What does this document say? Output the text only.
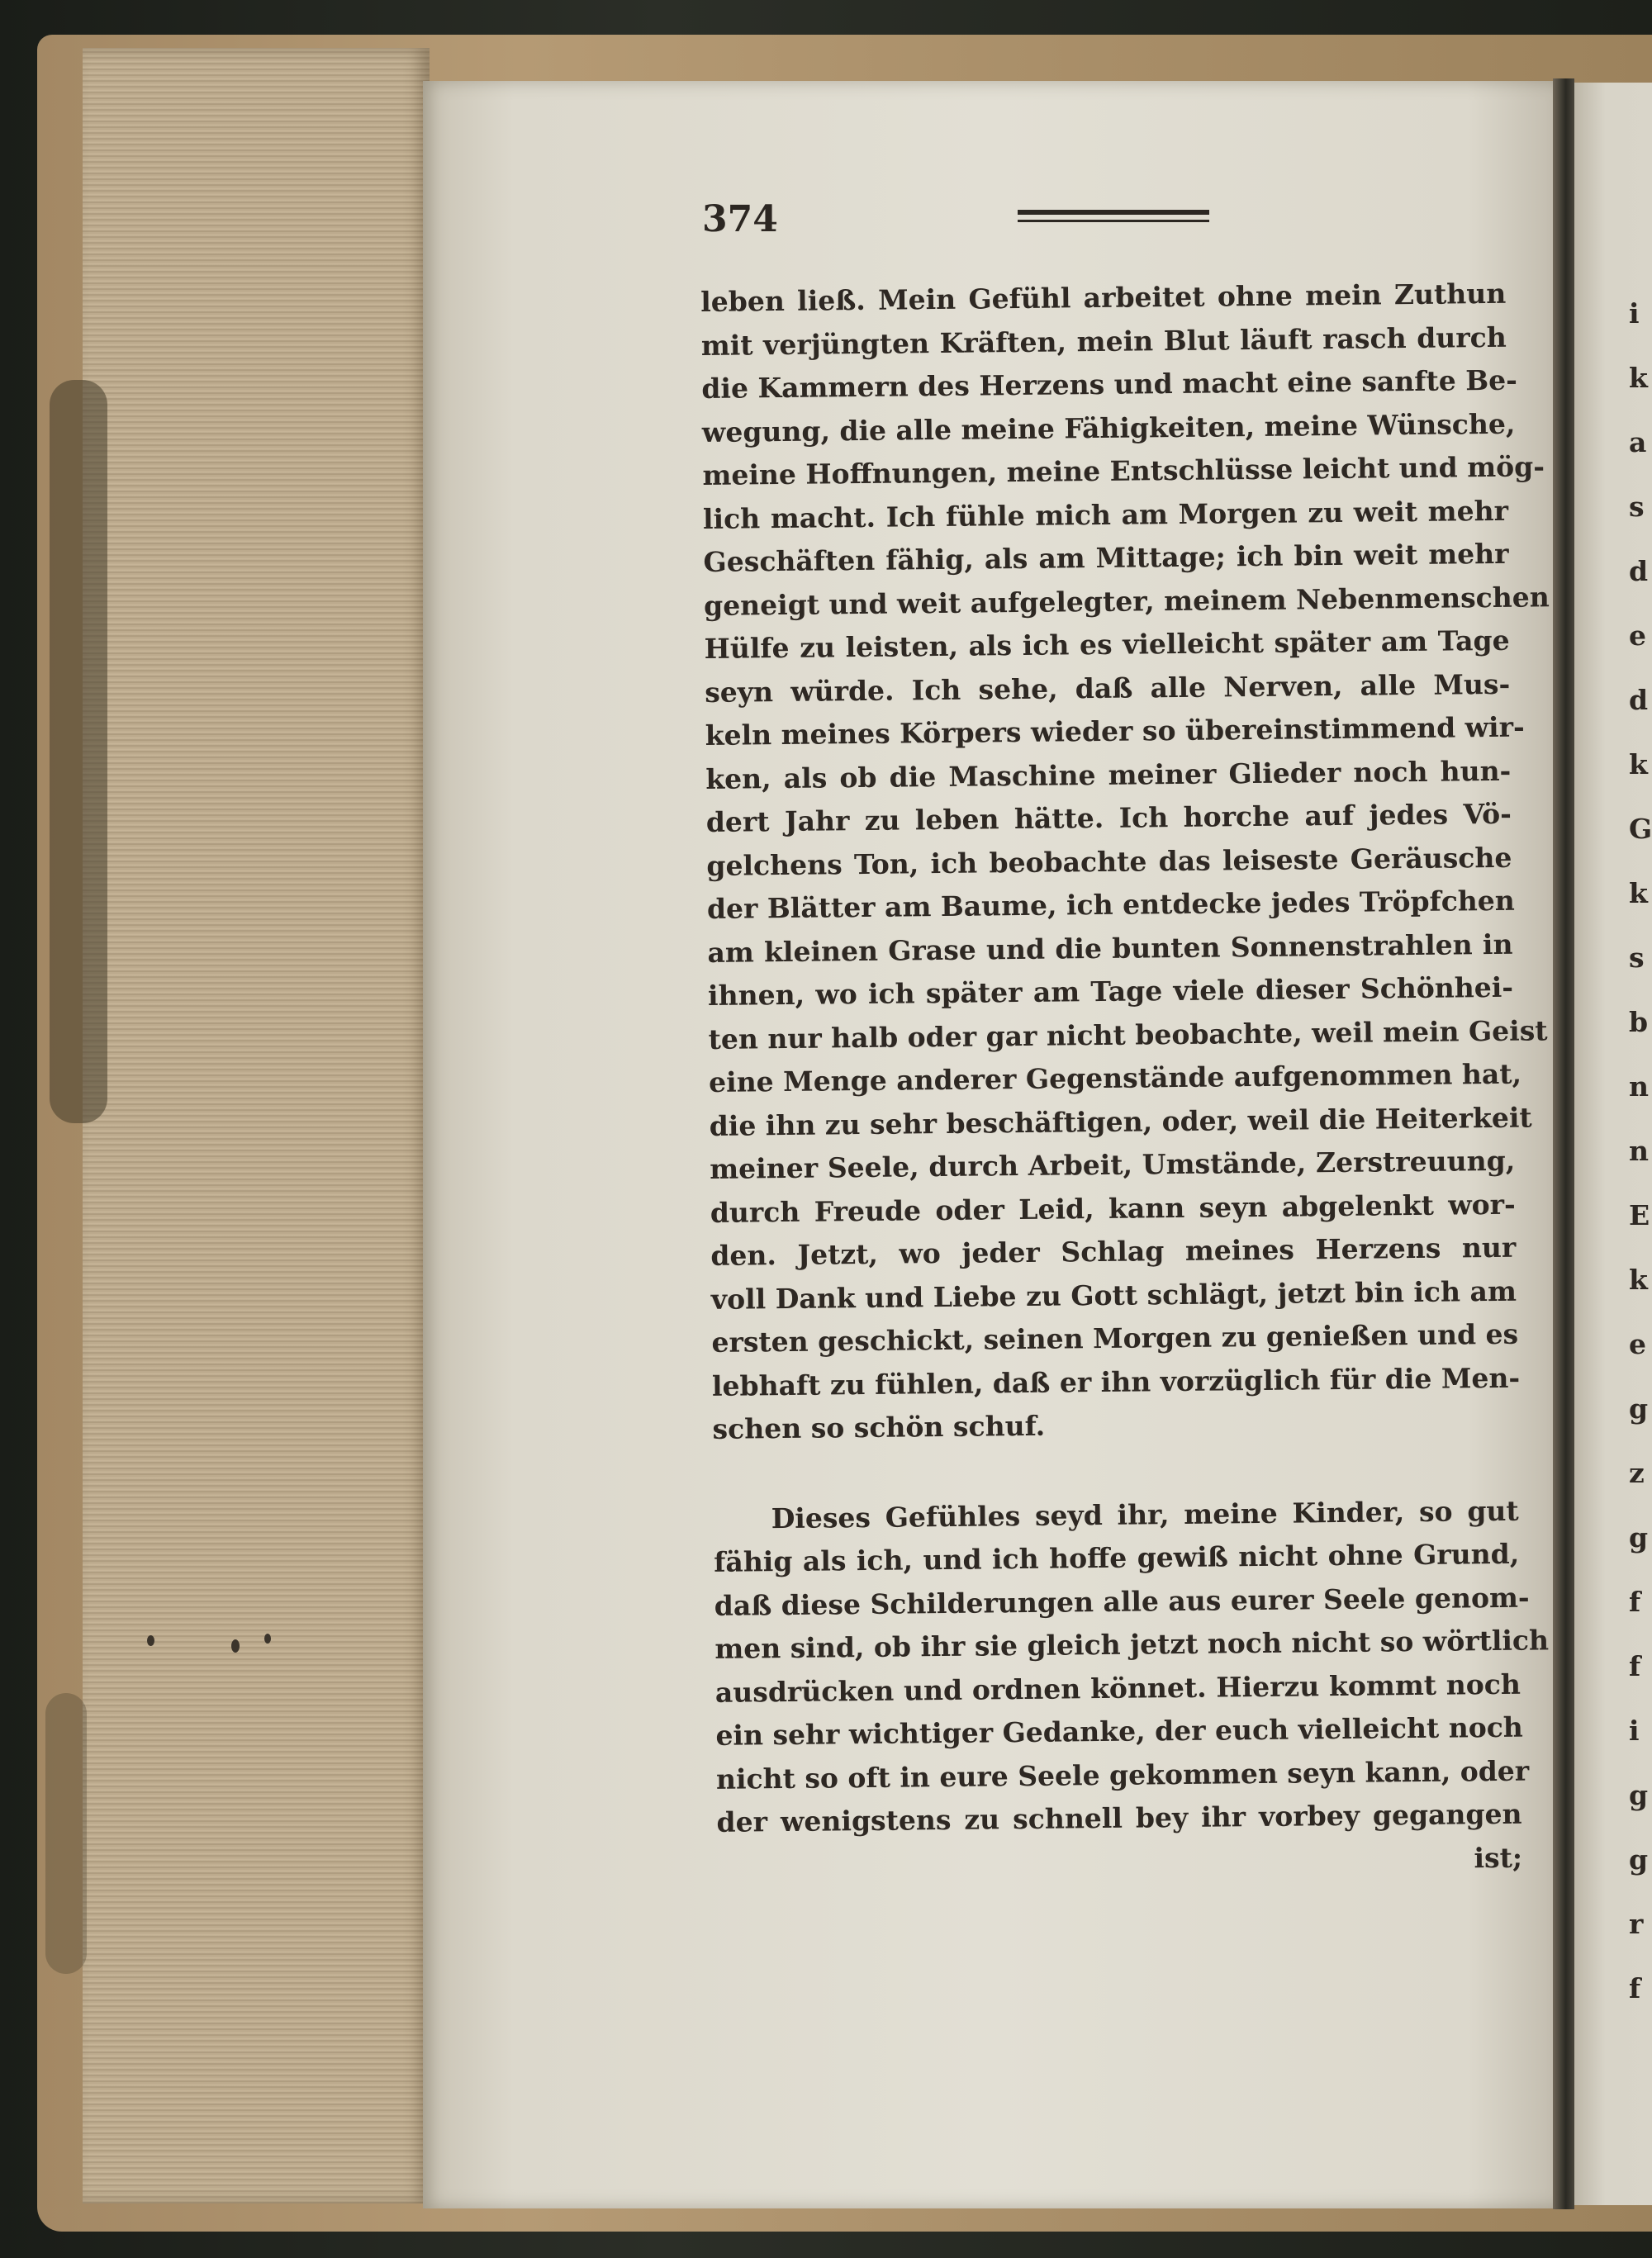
374
leben ließ. Mein Gefühl arbeitet ohne mein Zuthun
mit verjüngten Kräften, mein Blut läuft rasch durch
die Kammern des Herzens und macht eine sanfte Be-
wegung, die alle meine Fähigkeiten, meine Wünsche,
meine Hoffnungen, meine Entschlüsse leicht und mög-
lich macht. Ich fühle mich am Morgen zu weit mehr
Geschäften fähig, als am Mittage; ich bin weit mehr
geneigt und weit aufgelegter, meinem Nebenmenschen
Hülfe zu leisten, als ich es vielleicht später am Tage
seyn würde. Ich sehe, daß alle Nerven, alle Mus-
keln meines Körpers wieder so übereinstimmend wir-
ken, als ob die Maschine meiner Glieder noch hun-
dert Jahr zu leben hätte. Ich horche auf jedes Vö-
gelchens Ton, ich beobachte das leiseste Geräusche
der Blätter am Baume, ich entdecke jedes Tröpfchen
am kleinen Grase und die bunten Sonnenstrahlen in
ihnen, wo ich später am Tage viele dieser Schönhei-
ten nur halb oder gar nicht beobachte, weil mein Geist
eine Menge anderer Gegenstände aufgenommen hat,
die ihn zu sehr beschäftigen, oder, weil die Heiterkeit
meiner Seele, durch Arbeit, Umstände, Zerstreuung,
durch Freude oder Leid, kann seyn abgelenkt wor-
den. Jetzt, wo jeder Schlag meines Herzens nur
voll Dank und Liebe zu Gott schlägt, jetzt bin ich am
ersten geschickt, seinen Morgen zu genießen und es
lebhaft zu fühlen, daß er ihn vorzüglich für die Men-
schen so schön schuf.
Dieses Gefühles seyd ihr, meine Kinder, so gut
fähig als ich, und ich hoffe gewiß nicht ohne Grund,
daß diese Schilderungen alle aus eurer Seele genom-
men sind, ob ihr sie gleich jetzt noch nicht so wörtlich
ausdrücken und ordnen könnet. Hierzu kommt noch
ein sehr wichtiger Gedanke, der euch vielleicht noch
nicht so oft in eure Seele gekommen seyn kann, oder
der wenigstens zu schnell bey ihr vorbey gegangen
ist;
i
k
a
s
d
e
d
k
G
k
s
b
n
n
E
k
e
g
z
g
f
f
i
g
g
r
f
